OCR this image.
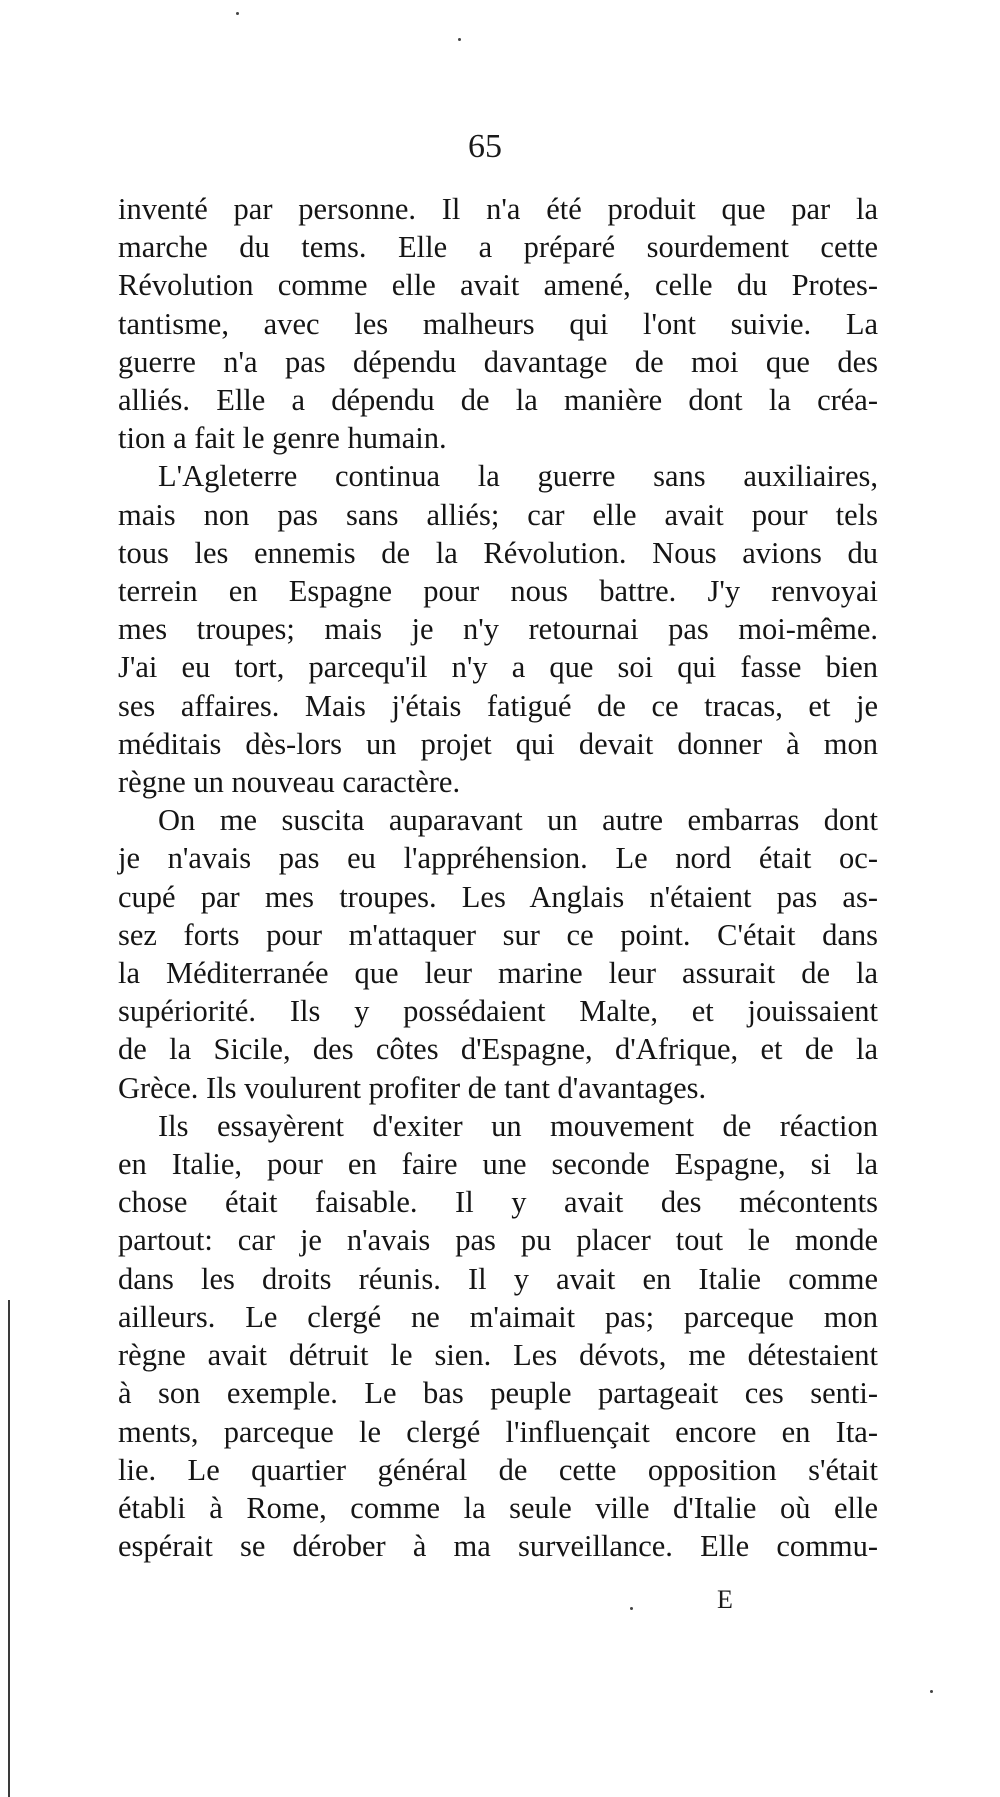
65

inventé par personne. Il n'a été produit que par la
marche du tems. Elle a préparé sourdement cette
Révolution comme elle avait amené, celle du Protes-
tantisme, avec les malheurs qui l'ont suivie. La
guerre n'a pas dépendu davantage de moi que des
alliés. Elle a dépendu de la manière dont la créa-
tion a fait le genre humain.

L'Agleterre continua la guerre sans auxiliaires,
mais non pas sans alliés; car elle avait pour tels
tous les ennemis de la Révolution. Nous avions du
terrein en Espagne pour nous battre. J'y renvoyai
mes troupes; mais je n'y retournai pas moi-même.
J'ai eu tort, parcequ'il n'y a que soi qui fasse bien
ses affaires. Mais j'étais fatigué de ce tracas, et je
méditais dès-lors un projet qui devait donner à mon
règne un nouveau caractère.

On me suscita auparavant un autre embarras dont
je n'avais pas eu l'appréhension. Le nord était oc-
cupé par mes troupes. Les Anglais n'étaient pas as-
sez forts pour m'attaquer sur ce point. C'était dans
la Méditerranée que leur marine leur assurait de la
supériorité. Ils y possédaient Malte, et jouissaient
de la Sicile, des côtes d'Espagne, d'Afrique, et de la
Grèce. Ils voulurent profiter de tant d'avantages.

Ils essayèrent d'exiter un mouvement de réaction
en Italie, pour en faire une seconde Espagne, si la
chose était faisable. Il y avait des mécontents
partout: car je n'avais pas pu placer tout le monde
dans les droits réunis. Il y avait en Italie comme
ailleurs. Le clergé ne m'aimait pas; parceque mon
règne avait détruit le sien. Les dévots, me détestaient
à son exemple. Le bas peuple partageait ces senti-
ments, parceque le clergé l'influençait encore en Ita-
lie. Le quartier général de cette opposition s'était
établi à Rome, comme la seule ville d'Italie où elle
espérait se dérober à ma surveillance. Elle commu-

E
